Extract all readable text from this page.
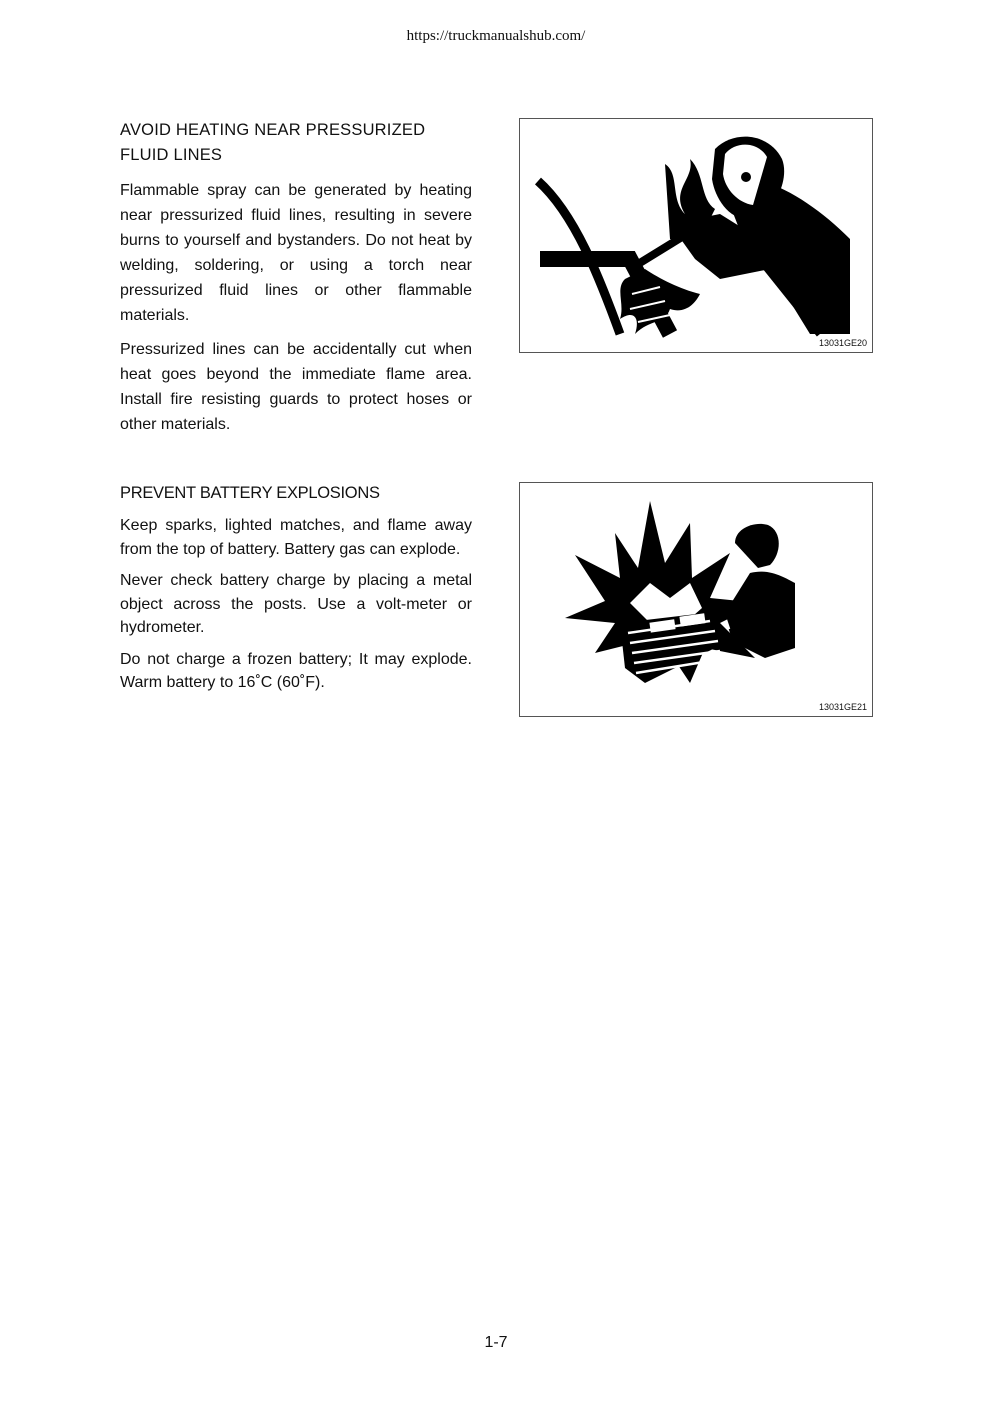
https://truckmanualshub.com/
AVOID HEATING NEAR PRESSURIZED
FLUID LINES

Flammable spray can be generated by heating near pressurized fluid lines, resulting in severe burns to yourself and bystanders. Do not heat by welding, soldering, or using a torch near pressurized fluid lines or other flammable materials.

Pressurized lines can be accidentally cut when heat goes beyond the immediate flame area. Install fire resisting guards to protect hoses or other materials.

13031GE20
PREVENT BATTERY EXPLOSIONS

Keep sparks, lighted matches, and flame away from the top of battery. Battery gas can explode.

Never check battery charge by placing a metal object across the posts. Use a volt-meter or hydrometer.

Do not charge a frozen battery; It may explode. Warm battery to 16˚C (60˚F).

13031GE21
1-7
